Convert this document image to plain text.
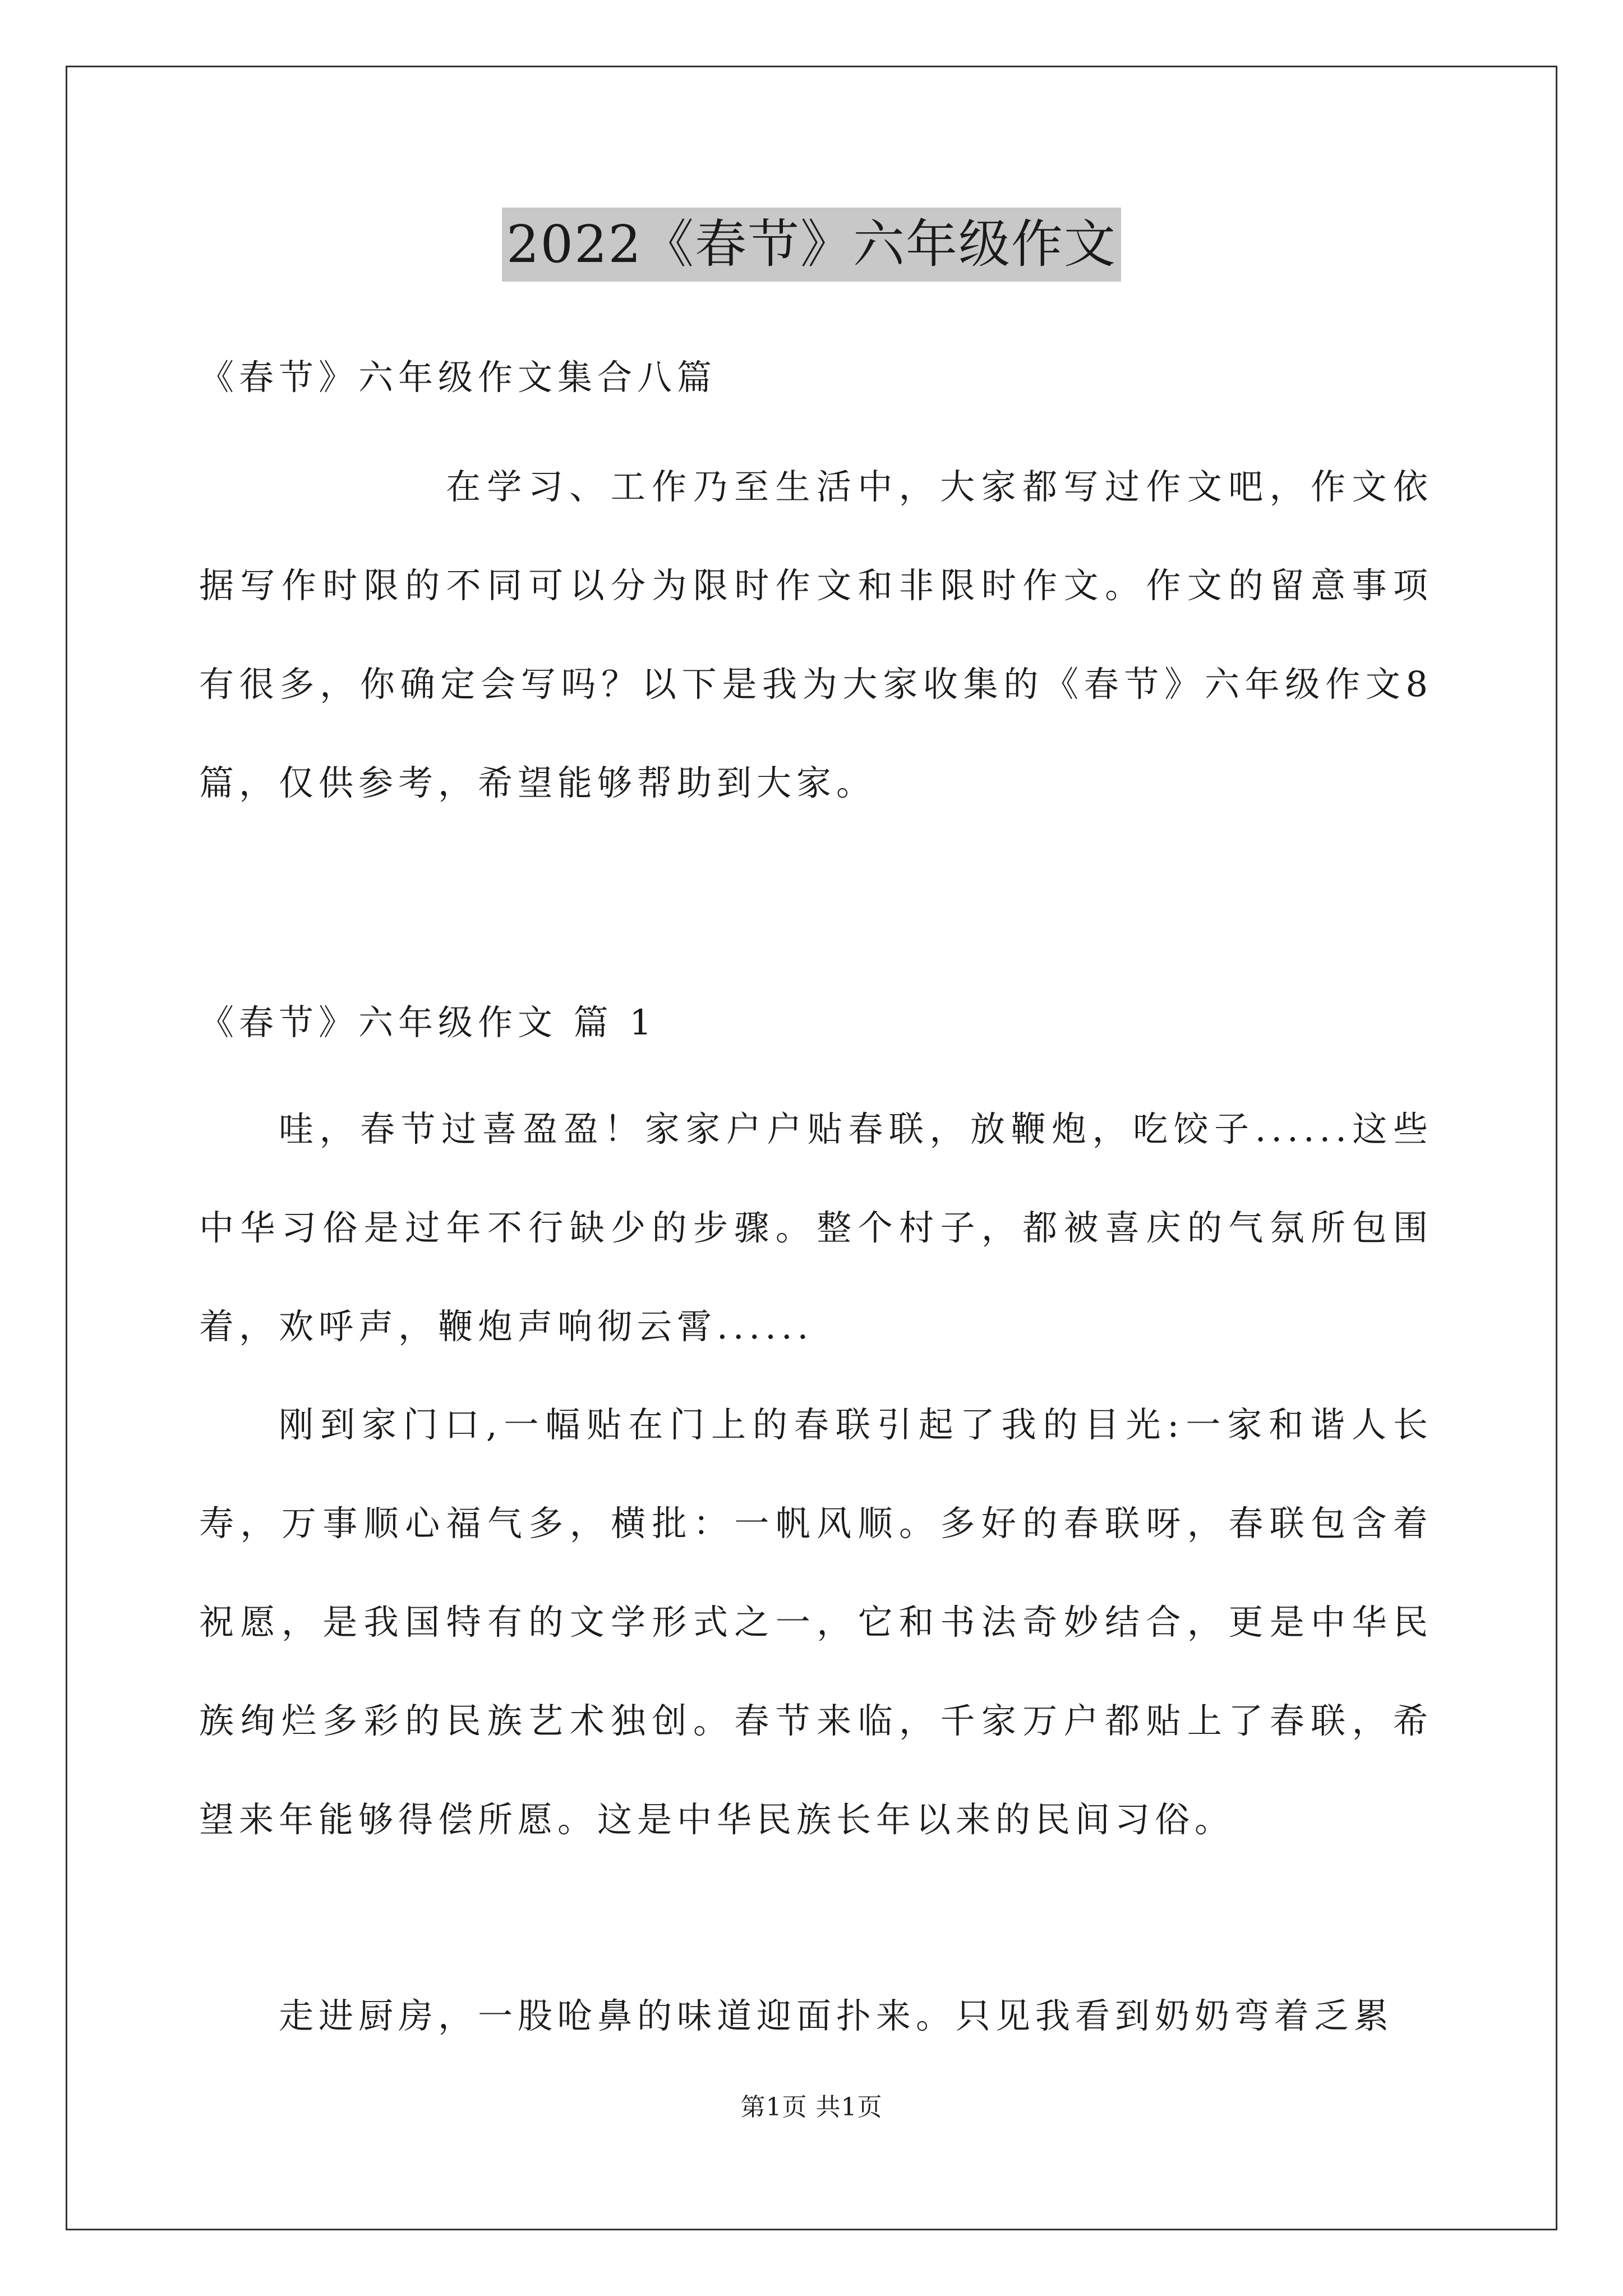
2022《春节》六年级作文

《春节》六年级作文集合八篇

在学习、工作乃至生活中，大家都写过作文吧，作文依据写作时限的不同可以分为限时作文和非限时作文。作文的留意事项有很多，你确定会写吗？以下是我为大家收集的《春节》六年级作文8篇，仅供参考，希望能够帮助到大家。

《春节》六年级作文 篇 1

哇，春节过喜盈盈！家家户户贴春联，放鞭炮，吃饺子......这些中华习俗是过年不行缺少的步骤。整个村子，都被喜庆的气氛所包围着，欢呼声，鞭炮声响彻云霄......

刚到家门口,一幅贴在门上的春联引起了我的目光:一家和谐人长寿，万事顺心福气多，横批：一帆风顺。多好的春联呀，春联包含着祝愿，是我国特有的文学形式之一，它和书法奇妙结合，更是中华民族绚烂多彩的民族艺术独创。春节来临，千家万户都贴上了春联，希望来年能够得偿所愿。这是中华民族长年以来的民间习俗。

走进厨房，一股呛鼻的味道迎面扑来。只见我看到奶奶弯着乏累

第1页 共1页
